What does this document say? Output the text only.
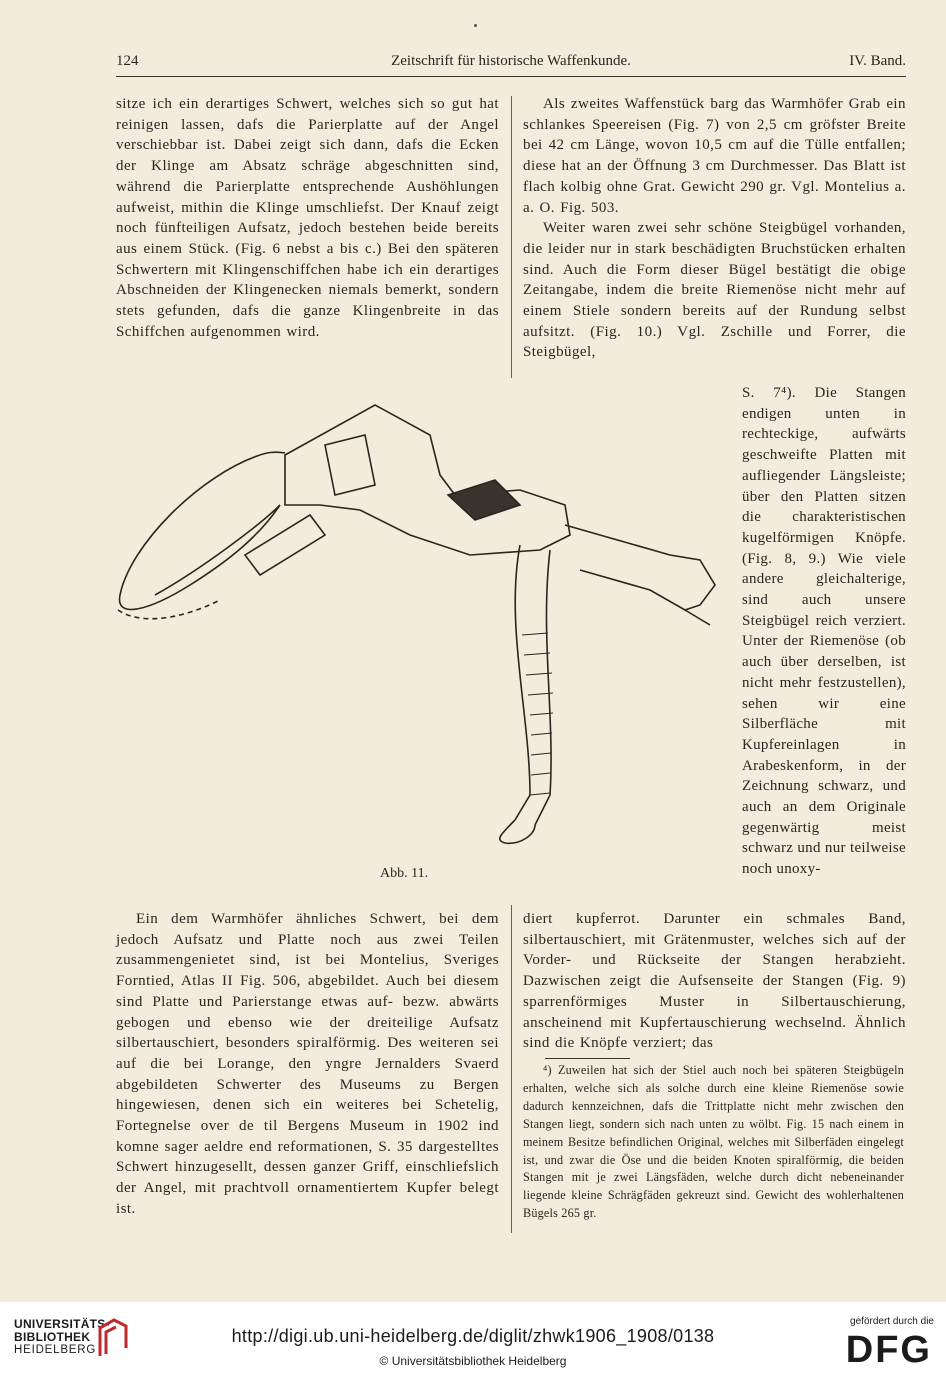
124	Zeitschrift für historische Waffenkunde.	IV. Band.

sitze ich ein derartiges Schwert, welches sich so gut hat reinigen lassen, dafs die Parierplatte auf der Angel verschiebbar ist. Dabei zeigt sich dann, dafs die Ecken der Klinge am Absatz schräge abgeschnitten sind, während die Parierplatte entsprechende Aushöhlungen aufweist, mithin die Klinge umschliefst. Der Knauf zeigt noch fünfteiligen Aufsatz, jedoch bestehen beide bereits aus einem Stück. (Fig. 6 nebst a bis c.) Bei den späteren Schwertern mit Klingenschiffchen habe ich ein derartiges Abschneiden der Klingenecken niemals bemerkt, sondern stets gefunden, dafs die ganze Klingenbreite in das Schiffchen aufgenommen wird.

Als zweites Waffenstück barg das Warmhöfer Grab ein schlankes Speereisen (Fig. 7) von 2,5 cm gröfster Breite bei 42 cm Länge, wovon 10,5 cm auf die Tülle entfallen; diese hat an der Öffnung 3 cm Durchmesser. Das Blatt ist flach kolbig ohne Grat. Gewicht 290 gr. Vgl. Montelius a. a. O. Fig. 503.

Weiter waren zwei sehr schöne Steigbügel vorhanden, die leider nur in stark beschädigten Bruchstücken erhalten sind. Auch die Form dieser Bügel bestätigt die obige Zeitangabe, indem die breite Riemenöse nicht mehr auf einem Stiele sondern bereits auf der Rundung selbst aufsitzt. (Fig. 10.) Vgl. Zschille und Forrer, die Steigbügel,

S. 7⁴). Die Stangen endigen unten in rechteckige, aufwärts geschweifte Platten mit aufliegender Längsleiste; über den Platten sitzen die charakteristischen kugelförmigen Knöpfe. (Fig. 8, 9.) Wie viele andere gleichalterige, sind auch unsere Steigbügel reich verziert. Unter der Riemenöse (ob auch über derselben, ist nicht mehr festzustellen), sehen wir eine Silberfläche mit Kupfereinlagen in Arabeskenform, in der Zeichnung schwarz, und auch an dem Originale gegenwärtig meist schwarz und nur teilweise noch unoxy-

Abb. 11.

Ein dem Warmhöfer ähnliches Schwert, bei dem jedoch Aufsatz und Platte noch aus zwei Teilen zusammengenietet sind, ist bei Montelius, Sveriges Forntied, Atlas II Fig. 506, abgebildet. Auch bei diesem sind Platte und Parierstange etwas auf- bezw. abwärts gebogen und ebenso wie der dreiteilige Aufsatz silbertauschiert, besonders spiralförmig. Des weiteren sei auf die bei Lorange, den yngre Jernalders Svaerd abgebildeten Schwerter des Museums zu Bergen hingewiesen, denen sich ein weiteres bei Schetelig, Fortegnelse over de til Bergens Museum in 1902 ind komne sager aeldre end reformationen, S. 35 dargestelltes Schwert hinzugesellt, dessen ganzer Griff, einschliefslich der Angel, mit prachtvoll ornamentiertem Kupfer belegt ist.

diert kupferrot. Darunter ein schmales Band, silbertauschiert, mit Grätenmuster, welches sich auf der Vorder- und Rückseite der Stangen herabzieht. Dazwischen zeigt die Aufsenseite der Stangen (Fig. 9) sparrenförmiges Muster in Silbertauschierung, anscheinend mit Kupfertauschierung wechselnd. Ähnlich sind die Knöpfe verziert; das

⁴) Zuweilen hat sich der Stiel auch noch bei späteren Steigbügeln erhalten, welche sich als solche durch eine kleine Riemenöse sowie dadurch kennzeichnen, dafs die Trittplatte nicht mehr zwischen den Stangen liegt, sondern sich nach unten zu wölbt. Fig. 15 nach einem in meinem Besitze befindlichen Original, welches mit Silberfäden eingelegt ist, und zwar die Öse und die beiden Knoten spiralförmig, die beiden Stangen mit je zwei Längsfäden, welche durch dicht nebeneinander liegende kleine Schrägfäden gekreuzt sind. Gewicht des wohlerhaltenen Bügels 265 gr.

UNIVERSITÄTS-
BIBLIOTHEK
HEIDELBERG
http://digi.ub.uni-heidelberg.de/diglit/zhwk1906_1908/0138
© Universitätsbibliothek Heidelberg
gefördert durch die
DFG
